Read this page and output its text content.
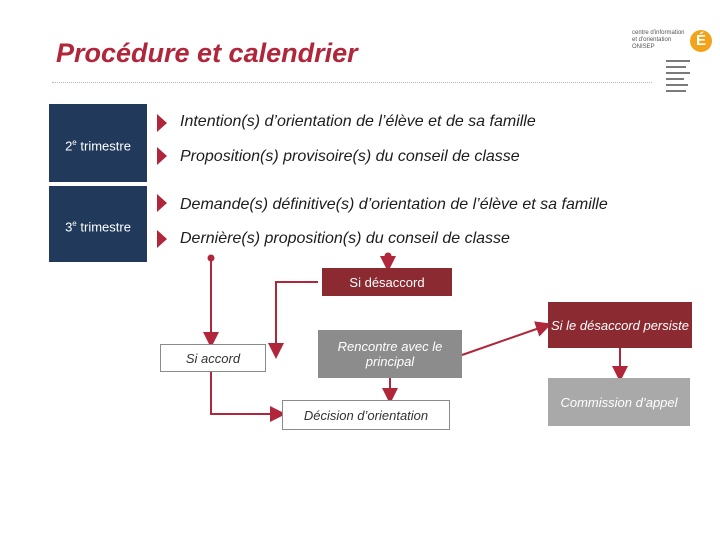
Procédure et calendrier
centre d'information
et d'orientation
ONISEP	É
2e trimestre
3e trimestre
Intention(s) d’orientation de l’élève et de sa famille
Proposition(s) provisoire(s) du conseil de classe
Demande(s) définitive(s) d’orientation de l’élève et sa famille
Dernière(s) proposition(s) du conseil de classe
Si désaccord
Si accord
Rencontre avec le principal
Si le désaccord persiste
Décision d’orientation
Commission d’appel
